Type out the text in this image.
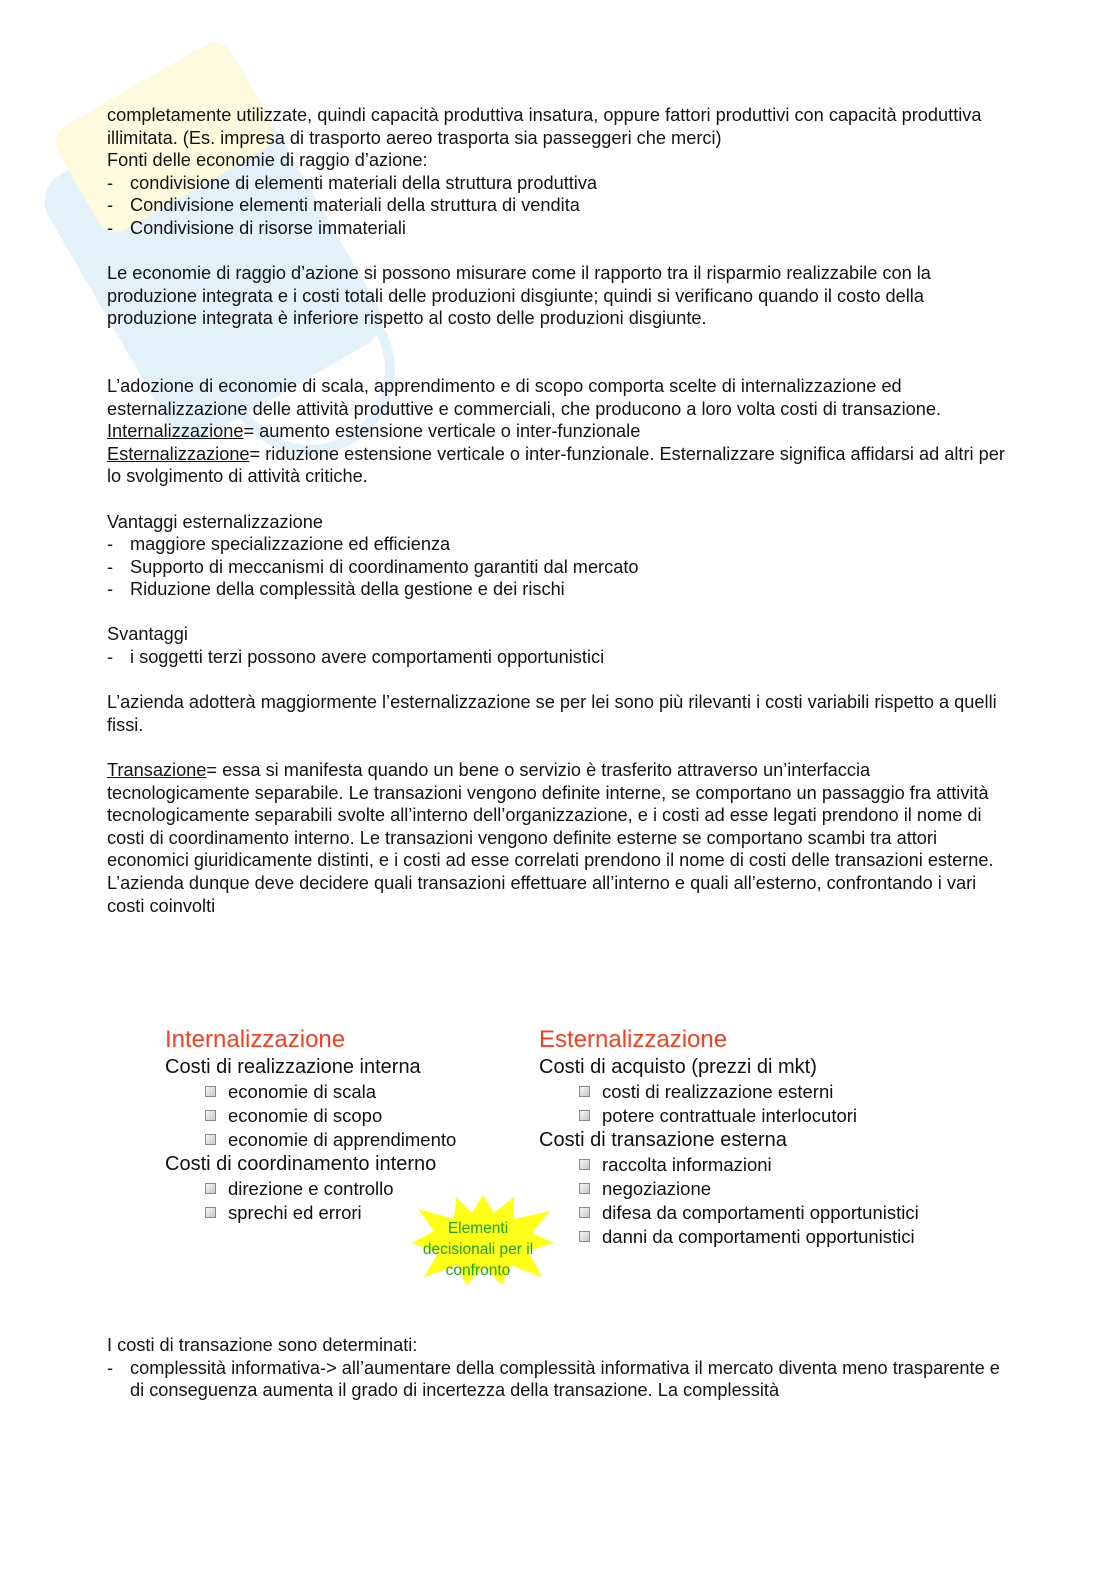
completamente utilizzate, quindi capacità produttiva insatura, oppure fattori produttivi con capacità produttiva illimitata. (Es. impresa di trasporto aereo trasporta sia passeggeri che merci)

Fonti delle economie di raggio d’azione:

- condivisione di elementi materiali della struttura produttiva
- Condivisione elementi materiali della struttura di vendita
- Condivisione di risorse immateriali

Le economie di raggio d’azione si possono misurare come il rapporto tra il risparmio realizzabile con la produzione integrata e i costi totali delle produzioni disgiunte; quindi si verificano quando il costo della produzione integrata è inferiore rispetto al costo delle produzioni disgiunte.

L’adozione di economie di scala, apprendimento e di scopo comporta scelte di internalizzazione ed esternalizzazione delle attività produttive e commerciali, che producono a loro volta costi di transazione.

Internalizzazione= aumento estensione verticale o inter-funzionale

Esternalizzazione= riduzione estensione verticale o inter-funzionale. Esternalizzare significa affidarsi ad altri per lo svolgimento di attività critiche.

Vantaggi esternalizzazione

- maggiore specializzazione ed efficienza
- Supporto di meccanismi di coordinamento garantiti dal mercato
- Riduzione della complessità della gestione e dei rischi

Svantaggi

- i soggetti terzi possono avere comportamenti opportunistici

L’azienda adotterà maggiormente l’esternalizzazione se per lei sono più rilevanti i costi variabili rispetto a quelli fissi.

Transazione= essa si manifesta quando un bene o servizio è trasferito attraverso un’interfaccia tecnologicamente separabile. Le transazioni vengono definite interne, se comportano un passaggio fra attività tecnologicamente separabili svolte all’interno dell’organizzazione, e i costi ad esse legati prendono il nome di costi di coordinamento interno. Le transazioni vengono definite esterne se comportano scambi tra attori economici giuridicamente distinti, e i costi ad esse correlati prendono il nome di costi delle transazioni esterne.

L’azienda dunque deve decidere quali transazioni effettuare all’interno e quali all’esterno, confrontando i vari costi coinvolti

Internalizzazione
Costi di realizzazione interna
economie di scala
economie di scopo
economie di apprendimento
Costi di coordinamento interno
direzione e controllo
sprechi ed errori
Esternalizzazione
Costi di acquisto (prezzi di mkt)
costi di realizzazione esterni
potere contrattuale interlocutori
Costi di transazione esterna
raccolta informazioni
negoziazione
difesa da comportamenti opportunistici
danni da comportamenti opportunistici
Elementi decisionali per il confronto

I costi di transazione sono determinati:

- complessità informativa-> all’aumentare della complessità informativa il mercato diventa meno trasparente e di conseguenza aumenta il grado di incertezza della transazione. La complessità
